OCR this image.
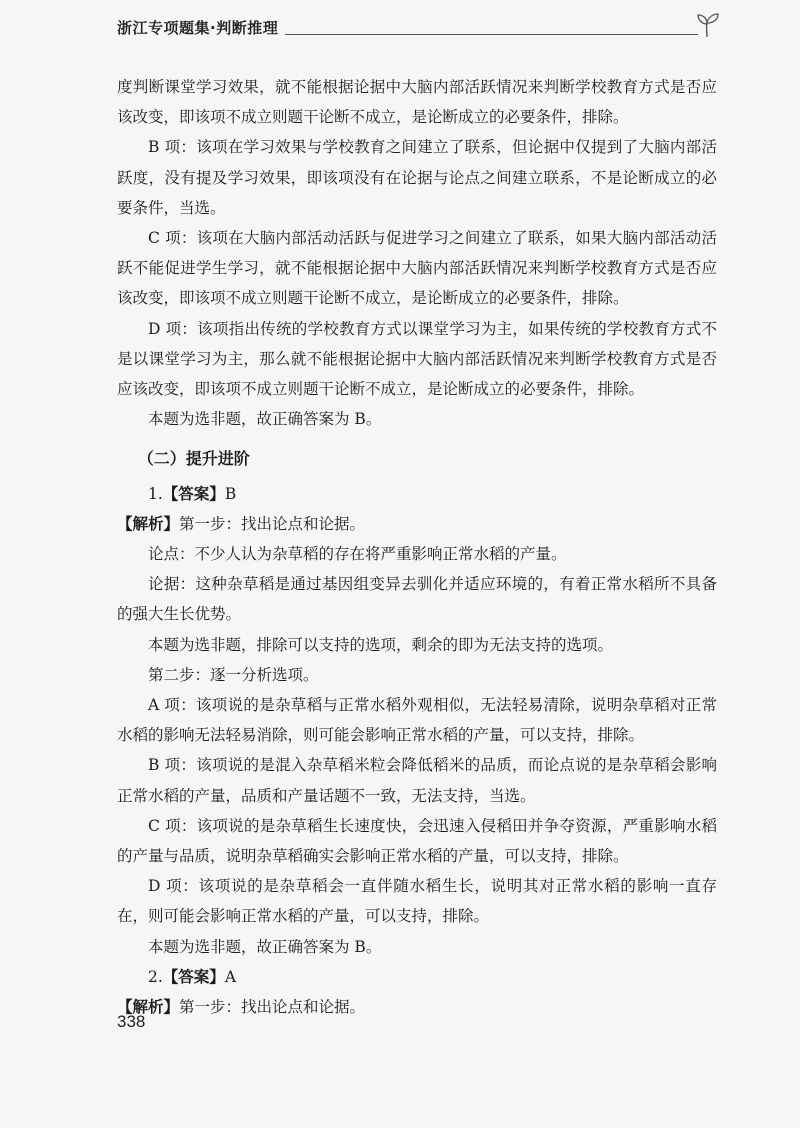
浙江专项题集·判断推理

度判断课堂学习效果，就不能根据论据中大脑内部活跃情况来判断学校教育方式是否应该改变，即该项不成立则题干论断不成立，是论断成立的必要条件，排除。

B 项：该项在学习效果与学校教育之间建立了联系，但论据中仅提到了大脑内部活跃度，没有提及学习效果，即该项没有在论据与论点之间建立联系，不是论断成立的必要条件，当选。

C 项：该项在大脑内部活动活跃与促进学习之间建立了联系，如果大脑内部活动活跃不能促进学生学习，就不能根据论据中大脑内部活跃情况来判断学校教育方式是否应该改变，即该项不成立则题干论断不成立，是论断成立的必要条件，排除。

D 项：该项指出传统的学校教育方式以课堂学习为主，如果传统的学校教育方式不是以课堂学习为主，那么就不能根据论据中大脑内部活跃情况来判断学校教育方式是否应该改变，即该项不成立则题干论断不成立，是论断成立的必要条件，排除。

本题为选非题，故正确答案为 B。

（二）提升进阶

1.【答案】B

【解析】第一步：找出论点和论据。

论点：不少人认为杂草稻的存在将严重影响正常水稻的产量。

论据：这种杂草稻是通过基因组变异去驯化并适应环境的，有着正常水稻所不具备的强大生长优势。

本题为选非题，排除可以支持的选项，剩余的即为无法支持的选项。

第二步：逐一分析选项。

A 项：该项说的是杂草稻与正常水稻外观相似，无法轻易清除，说明杂草稻对正常水稻的影响无法轻易消除，则可能会影响正常水稻的产量，可以支持，排除。

B 项：该项说的是混入杂草稻米粒会降低稻米的品质，而论点说的是杂草稻会影响正常水稻的产量，品质和产量话题不一致，无法支持，当选。

C 项：该项说的是杂草稻生长速度快，会迅速入侵稻田并争夺资源，严重影响水稻的产量与品质，说明杂草稻确实会影响正常水稻的产量，可以支持，排除。

D 项：该项说的是杂草稻会一直伴随水稻生长，说明其对正常水稻的影响一直存在，则可能会影响正常水稻的产量，可以支持，排除。

本题为选非题，故正确答案为 B。

2.【答案】A

【解析】第一步：找出论点和论据。

338
